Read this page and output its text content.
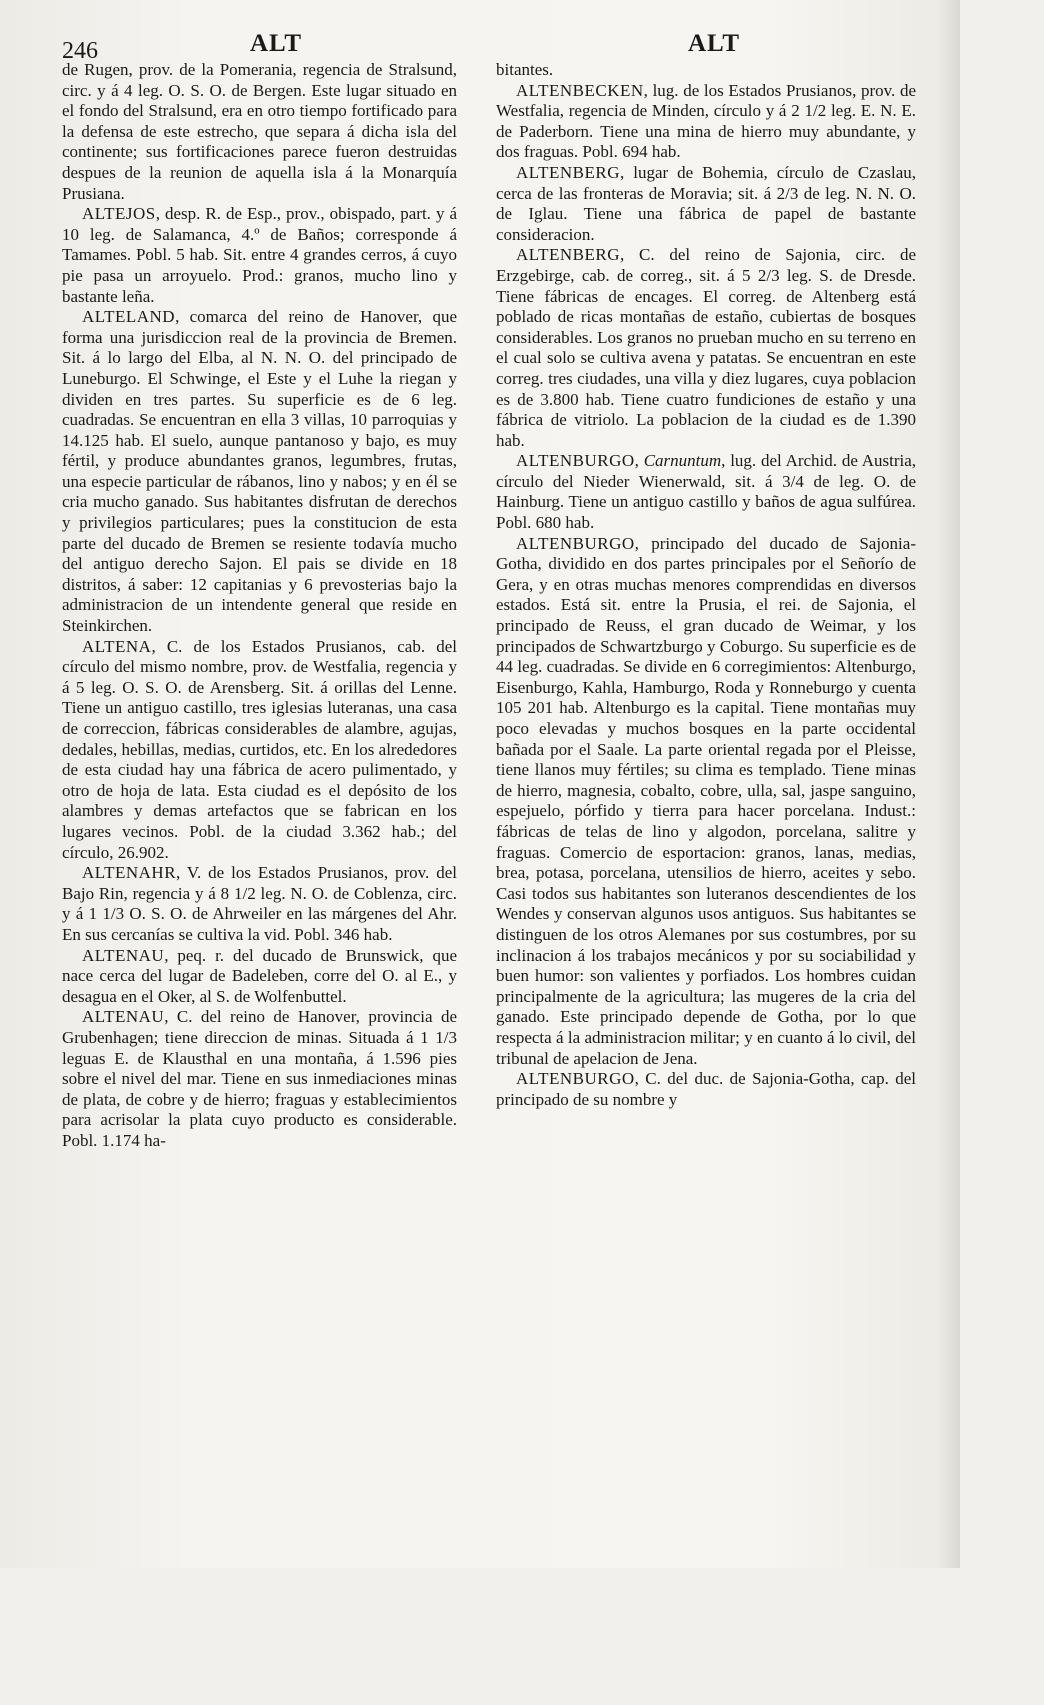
246	ALT	ALT

de Rugen, prov. de la Pomerania, regencia de Stralsund, circ. y á 4 leg. O. S. O. de Bergen. Este lugar situado en el fondo del Stralsund, era en otro tiempo fortificado para la defensa de este estrecho, que separa á dicha isla del continente; sus fortificaciones parece fueron destruidas despues de la reunion de aquella isla á la Monarquía Prusiana.

ALTEJOS, desp. R. de Esp., prov., obispado, part. y á 10 leg. de Salamanca, 4.º de Baños; corresponde á Tamames. Pobl. 5 hab. Sit. entre 4 grandes cerros, á cuyo pie pasa un arroyuelo. Prod.: granos, mucho lino y bastante leña.

ALTELAND, comarca del reino de Hanover, que forma una jurisdiccion real de la provincia de Bremen. Sit. á lo largo del Elba, al N. N. O. del principado de Luneburgo. El Schwinge, el Este y el Luhe la riegan y dividen en tres partes. Su superficie es de 6 leg. cuadradas. Se encuentran en ella 3 villas, 10 parroquias y 14.125 hab. El suelo, aunque pantanoso y bajo, es muy fértil, y produce abundantes granos, legumbres, frutas, una especie particular de rábanos, lino y nabos; y en él se cria mucho ganado. Sus habitantes disfrutan de derechos y privilegios particulares; pues la constitucion de esta parte del ducado de Bremen se resiente todavía mucho del antiguo derecho Sajon. El pais se divide en 18 distritos, á saber: 12 capitanias y 6 prevosterias bajo la administracion de un intendente general que reside en Steinkirchen.

ALTENA, C. de los Estados Prusianos, cab. del círculo del mismo nombre, prov. de Westfalia, regencia y á 5 leg. O. S. O. de Arensberg. Sit. á orillas del Lenne. Tiene un antiguo castillo, tres iglesias luteranas, una casa de correccion, fábricas considerables de alambre, agujas, dedales, hebillas, medias, curtidos, etc. En los alrededores de esta ciudad hay una fábrica de acero pulimentado, y otro de hoja de lata. Esta ciudad es el depósito de los alambres y demas artefactos que se fabrican en los lugares vecinos. Pobl. de la ciudad 3.362 hab.; del círculo, 26.902.

ALTENAHR, V. de los Estados Prusianos, prov. del Bajo Rin, regencia y á 8 1/2 leg. N. O. de Coblenza, circ. y á 1 1/3 O. S. O. de Ahrweiler en las márgenes del Ahr. En sus cercanías se cultiva la vid. Pobl. 346 hab.

ALTENAU, peq. r. del ducado de Brunswick, que nace cerca del lugar de Badeleben, corre del O. al E., y desagua en el Oker, al S. de Wolfenbuttel.

ALTENAU, C. del reino de Hanover, provincia de Grubenhagen; tiene direccion de minas. Situada á 1 1/3 leguas E. de Klausthal en una montaña, á 1.596 pies sobre el nivel del mar. Tiene en sus inmediaciones minas de plata, de cobre y de hierro; fraguas y establecimientos para acrisolar la plata cuyo producto es considerable. Pobl. 1.174 ha-

bitantes.

ALTENBECKEN, lug. de los Estados Prusianos, prov. de Westfalia, regencia de Minden, círculo y á 2 1/2 leg. E. N. E. de Paderborn. Tiene una mina de hierro muy abundante, y dos fraguas. Pobl. 694 hab.

ALTENBERG, lugar de Bohemia, círculo de Czaslau, cerca de las fronteras de Moravia; sit. á 2/3 de leg. N. N. O. de Iglau. Tiene una fábrica de papel de bastante consideracion.

ALTENBERG, C. del reino de Sajonia, circ. de Erzgebirge, cab. de correg., sit. á 5 2/3 leg. S. de Dresde. Tiene fábricas de encages. El correg. de Altenberg está poblado de ricas montañas de estaño, cubiertas de bosques considerables. Los granos no prueban mucho en su terreno en el cual solo se cultiva avena y patatas. Se encuentran en este correg. tres ciudades, una villa y diez lugares, cuya poblacion es de 3.800 hab. Tiene cuatro fundiciones de estaño y una fábrica de vitriolo. La poblacion de la ciudad es de 1.390 hab.

ALTENBURGO, Carnuntum, lug. del Archid. de Austria, círculo del Nieder Wienerwald, sit. á 3/4 de leg. O. de Hainburg. Tiene un antiguo castillo y baños de agua sulfúrea. Pobl. 680 hab.

ALTENBURGO, principado del ducado de Sajonia-Gotha, dividido en dos partes principales por el Señorío de Gera, y en otras muchas menores comprendidas en diversos estados. Está sit. entre la Prusia, el rei. de Sajonia, el principado de Reuss, el gran ducado de Weimar, y los principados de Schwartzburgo y Coburgo. Su superficie es de 44 leg. cuadradas. Se divide en 6 corregimientos: Altenburgo, Eisenburgo, Kahla, Hamburgo, Roda y Ronneburgo y cuenta 105 201 hab. Altenburgo es la capital. Tiene montañas muy poco elevadas y muchos bosques en la parte occidental bañada por el Saale. La parte oriental regada por el Pleisse, tiene llanos muy fértiles; su clima es templado. Tiene minas de hierro, magnesia, cobalto, cobre, ulla, sal, jaspe sanguino, espejuelo, pórfido y tierra para hacer porcelana. Indust.: fábricas de telas de lino y algodon, porcelana, salitre y fraguas. Comercio de esportacion: granos, lanas, medias, brea, potasa, porcelana, utensilios de hierro, aceites y sebo. Casi todos sus habitantes son luteranos descendientes de los Wendes y conservan algunos usos antiguos. Sus habitantes se distinguen de los otros Alemanes por sus costumbres, por su inclinacion á los trabajos mecánicos y por su sociabilidad y buen humor: son valientes y porfiados. Los hombres cuidan principalmente de la agricultura; las mugeres de la cria del ganado. Este principado depende de Gotha, por lo que respecta á la administracion militar; y en cuanto á lo civil, del tribunal de apelacion de Jena.

ALTENBURGO, C. del duc. de Sajonia-Gotha, cap. del principado de su nombre y
